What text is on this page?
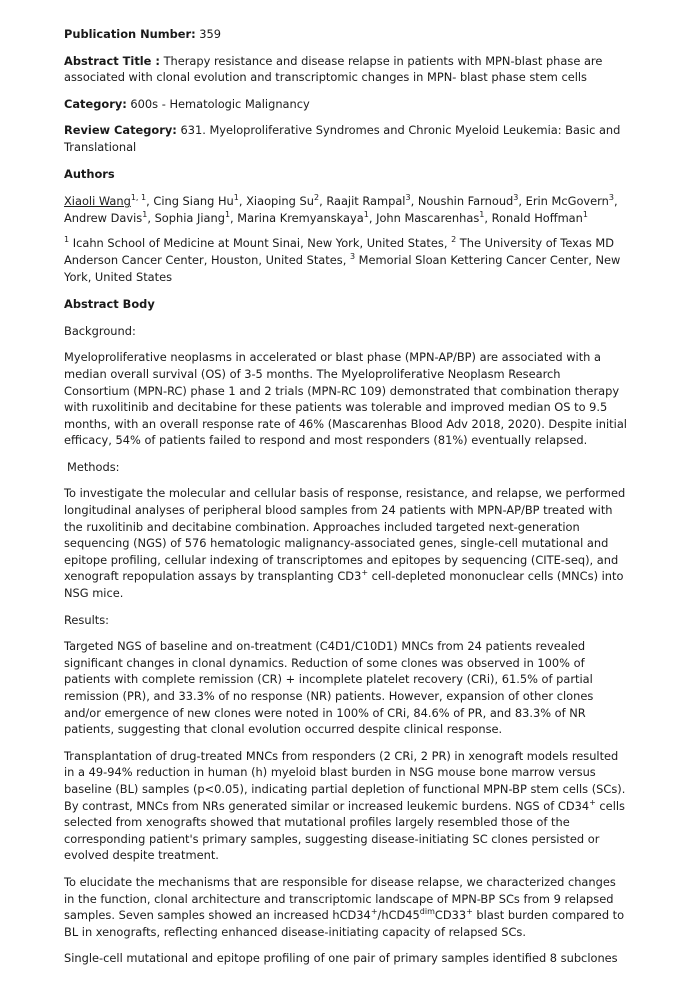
Publication Number: 359

Abstract Title : Therapy resistance and disease relapse in patients with MPN-blast phase are associated with clonal evolution and transcriptomic changes in MPN- blast phase stem cells

Category: 600s - Hematologic Malignancy

Review Category: 631. Myeloproliferative Syndromes and Chronic Myeloid Leukemia: Basic and Translational

Authors

Xiaoli Wang$^{1, 1}$, Cing Siang Hu$^1$, Xiaoping Su$^2$, Raajit Rampal$^3$, Noushin Farnoud$^3$, Erin McGovern$^3$, Andrew Davis$^1$, Sophia Jiang$^1$, Marina Kremyanskaya$^1$, John Mascarenhas$^1$, Ronald Hoffman$^1$

$^1$ Icahn School of Medicine at Mount Sinai, New York, United States, $^2$ The University of Texas MD Anderson Cancer Center, Houston, United States, $^3$ Memorial Sloan Kettering Cancer Center, New York, United States

Abstract Body

Background:

Myeloproliferative neoplasms in accelerated or blast phase (MPN-AP/BP) are associated with a median overall survival (OS) of 3-5 months. The Myeloproliferative Neoplasm Research Consortium (MPN-RC) phase 1 and 2 trials (MPN-RC 109) demonstrated that combination therapy with ruxolitinib and decitabine for these patients was tolerable and improved median OS to 9.5 months, with an overall response rate of 46% (Mascarenhas Blood Adv 2018, 2020). Despite initial efficacy, 54% of patients failed to respond and most responders (81%) eventually relapsed.

Methods:

To investigate the molecular and cellular basis of response, resistance, and relapse, we performed longitudinal analyses of peripheral blood samples from 24 patients with MPN-AP/BP treated with the ruxolitinib and decitabine combination. Approaches included targeted next-generation sequencing (NGS) of 576 hematologic malignancy-associated genes, single-cell mutational and epitope profiling, cellular indexing of transcriptomes and epitopes by sequencing (CITE-seq), and xenograft repopulation assays by transplanting CD3+ cell-depleted mononuclear cells (MNCs) into NSG mice.

Results:

Targeted NGS of baseline and on-treatment (C4D1/C10D1) MNCs from 24 patients revealed significant changes in clonal dynamics. Reduction of some clones was observed in 100% of patients with complete remission (CR) + incomplete platelet recovery (CRi), 61.5% of partial remission (PR), and 33.3% of no response (NR) patients. However, expansion of other clones and/or emergence of new clones were noted in 100% of CRi, 84.6% of PR, and 83.3% of NR patients, suggesting that clonal evolution occurred despite clinical response.

Transplantation of drug-treated MNCs from responders (2 CRi, 2 PR) in xenograft models resulted in a 49-94% reduction in human (h) myeloid blast burden in NSG mouse bone marrow versus baseline (BL) samples (p<0.05), indicating partial depletion of functional MPN-BP stem cells (SCs). By contrast, MNCs from NRs generated similar or increased leukemic burdens. NGS of CD34+ cells selected from xenografts showed that mutational profiles largely resembled those of the corresponding patient's primary samples, suggesting disease-initiating SC clones persisted or evolved despite treatment.

To elucidate the mechanisms that are responsible for disease relapse, we characterized changes in the function, clonal architecture and transcriptomic landscape of MPN-BP SCs from 9 relapsed samples. Seven samples showed an increased $hCD34^+/hCD45^{dim}CD33^+$ blast burden compared to BL in xenografts, reflecting enhanced disease-initiating capacity of relapsed SCs.

Single-cell mutational and epitope profiling of one pair of primary samples identified 8 subclones
